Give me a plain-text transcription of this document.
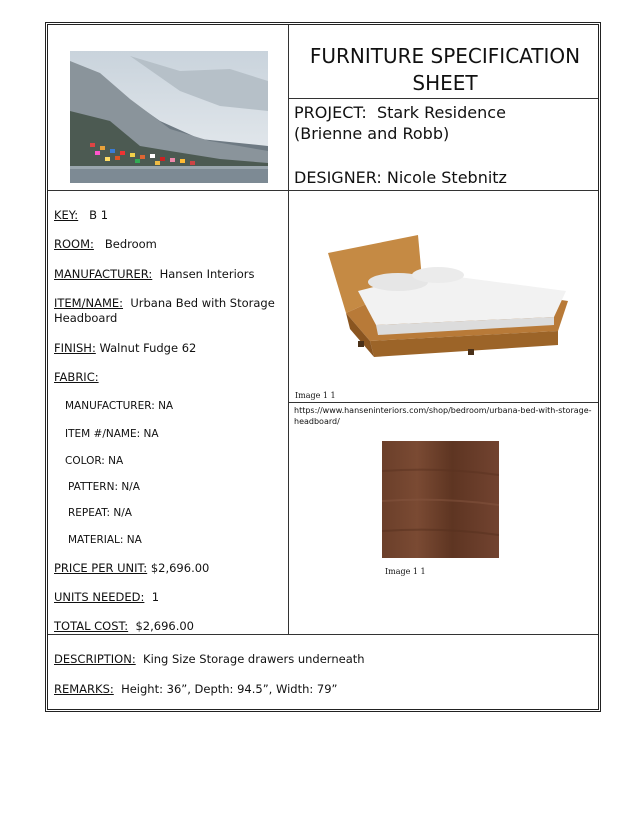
FURNITURE SPECIFICATION
SHEET
PROJECT: Stark Residence
(Brienne and Robb)
DESIGNER: Nicole Stebnitz
KEY: B 1
ROOM: Bedroom
MANUFACTURER: Hansen Interiors
ITEM/NAME: Urbana Bed with Storage
Headboard
FINISH: Walnut Fudge 62
FABRIC:
MANUFACTURER: NA
ITEM #/NAME: NA
COLOR: NA
PATTERN: N/A
REPEAT: N/A
MATERIAL: NA
PRICE PER UNIT: $2,696.00
UNITS NEEDED: 1
TOTAL COST: $2,696.00
Image 1 1
https://www.hanseninteriors.com/shop/bedroom/urbana-bed-with-storage-headboard/
Image 1 1
DESCRIPTION: King Size Storage drawers underneath
REMARKS: Height: 36”, Depth: 94.5”, Width: 79”
